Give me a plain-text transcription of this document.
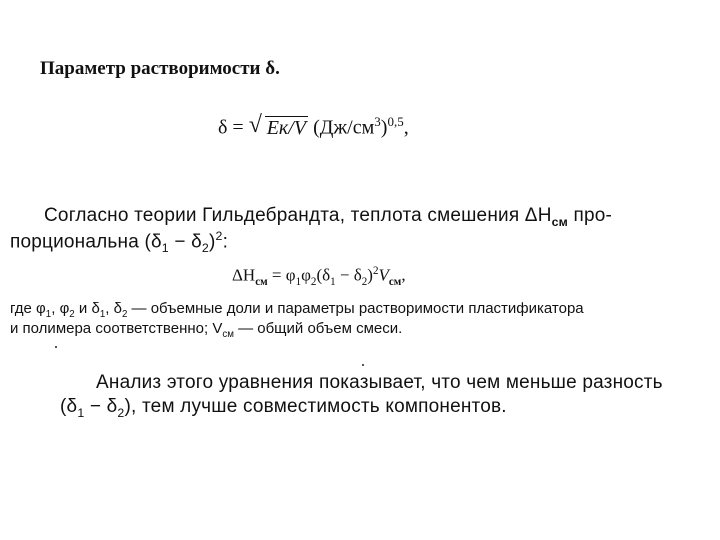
Параметр растворимости δ.
δ = √ Eк/V $(Дж/см^3)^{0,5}$,
Согласно теории Гильдебрандта, теплота смешения $\Delta H_{см}$ про-
порциональна $(\delta_1 - \delta_2)^2$:
$\Delta H_{см} = \varphi_1\varphi_2(\delta_1 - \delta_2)^2V_{см}$,
где $\varphi_1$, $\varphi_2$ и $\delta_1$, $\delta_2$ — объемные доли и параметры растворимости пластификатора
и полимера соответственно; $V_{см}$ — общий объем смеси.
Анализ этого уравнения показывает, что чем меньше разность
$(\delta_1 - \delta_2)$, тем лучше совместимость компонентов.
